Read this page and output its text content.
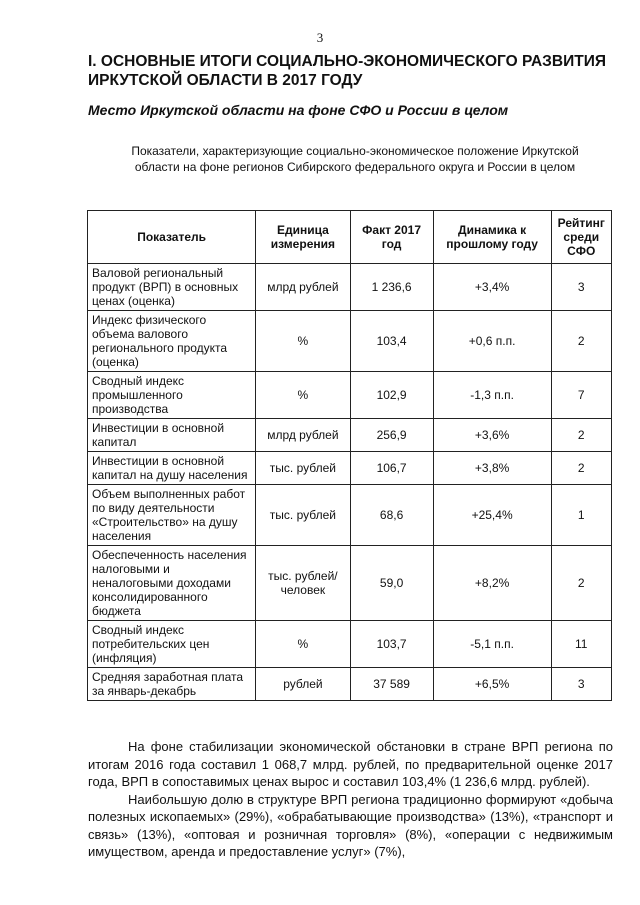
3
I. ОСНОВНЫЕ ИТОГИ СОЦИАЛЬНО-ЭКОНОМИЧЕСКОГО РАЗВИТИЯ ИРКУТСКОЙ ОБЛАСТИ В 2017 ГОДУ
Место Иркутской области на фоне СФО и России в целом
Показатели, характеризующие социально-экономическое положение Иркутской области на фоне регионов Сибирского федерального округа и России в целом
Показатель	Единица измерения	Факт 2017 год	Динамика к прошлому году	Рейтинг среди СФО
Валовой региональный продукт (ВРП) в основных ценах (оценка)	млрд рублей	1 236,6	+3,4%	3
Индекс физического объема валового регионального продукта (оценка)	%	103,4	+0,6 п.п.	2
Сводный индекс промышленного производства	%	102,9	-1,3 п.п.	7
Инвестиции в основной капитал	млрд рублей	256,9	+3,6%	2
Инвестиции в основной капитал на душу населения	тыс. рублей	106,7	+3,8%	2
Объем выполненных работ по виду деятельности «Строительство» на душу населения	тыс. рублей	68,6	+25,4%	1
Обеспеченность населения налоговыми и неналоговыми доходами консолидированного бюджета	тыс. рублей/ человек	59,0	+8,2%	2
Сводный индекс потребительских цен (инфляция)	%	103,7	-5,1 п.п.	11
Средняя заработная плата за январь-декабрь	рублей	37 589	+6,5%	3

На фоне стабилизации экономической обстановки в стране ВРП региона по итогам 2016 года составил 1 068,7 млрд. рублей, по предварительной оценке 2017 года, ВРП в сопоставимых ценах вырос и составил 103,4% (1 236,6 млрд. рублей).

Наибольшую долю в структуре ВРП региона традиционно формируют «добыча полезных ископаемых» (29%), «обрабатывающие производства» (13%), «транспорт и связь» (13%), «оптовая и розничная торговля» (8%), «операции с недвижимым имуществом, аренда и предоставление услуг» (7%),
